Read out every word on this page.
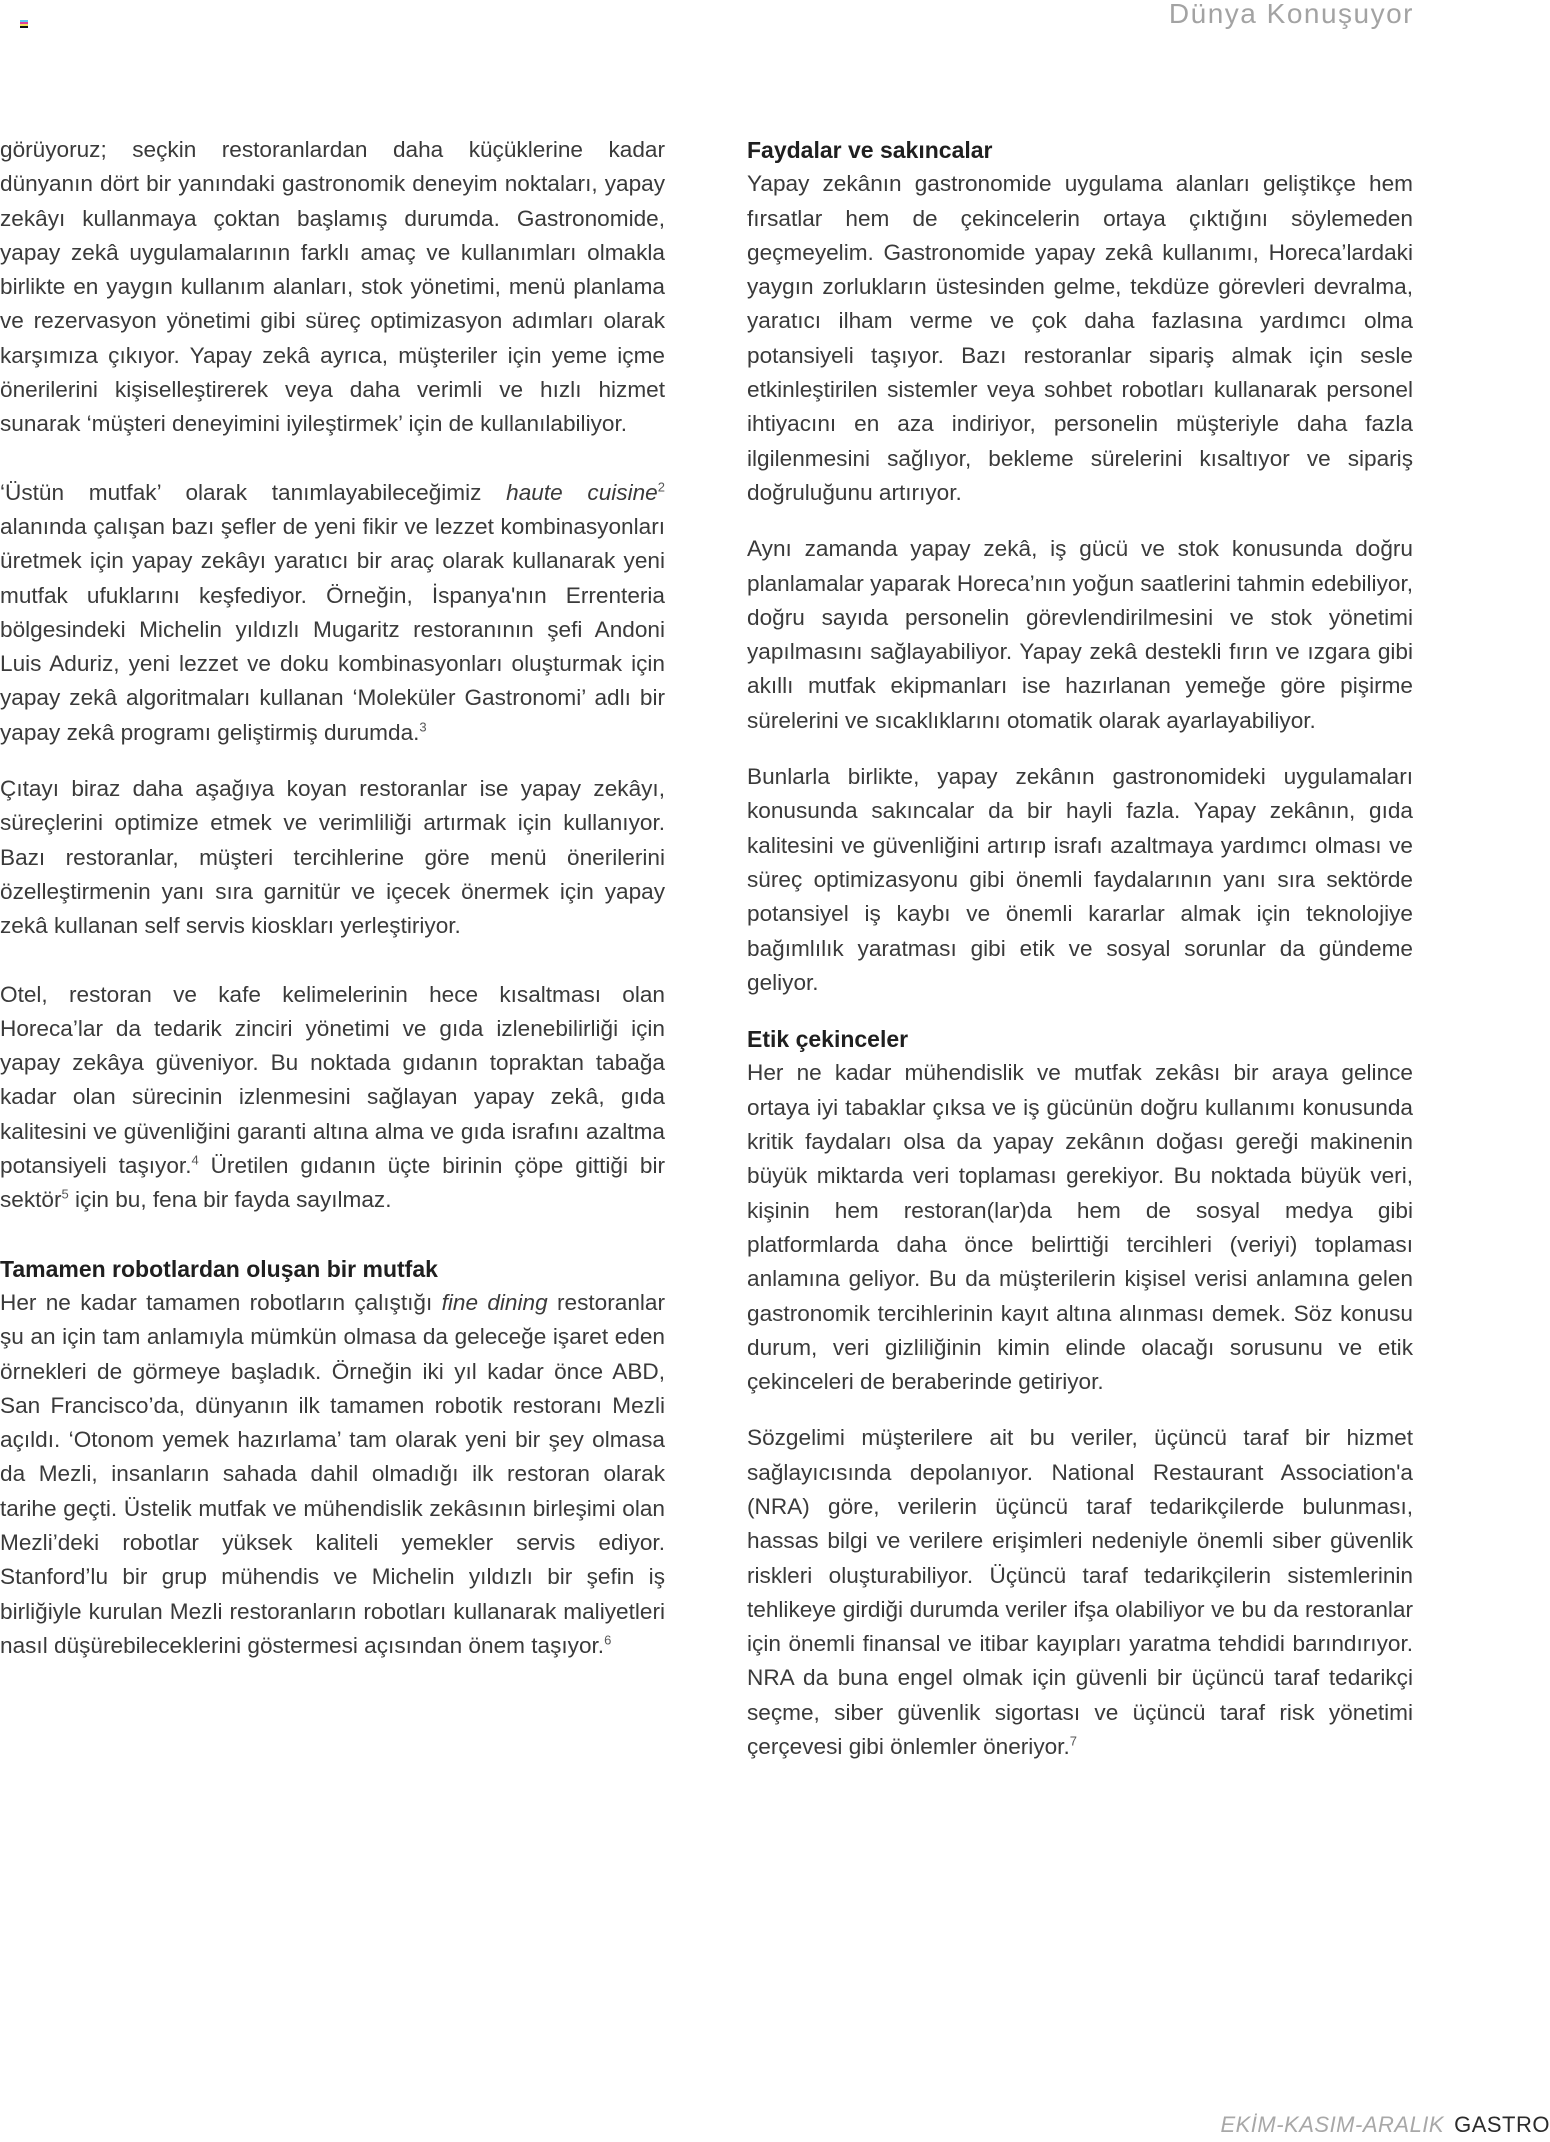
Dünya Konuşuyor

görüyoruz; seçkin restoranlardan daha küçüklerine kadar dünyanın dört bir yanındaki gastronomik deneyim noktaları, yapay zekâyı kullanmaya çoktan başlamış durumda. Gastronomide, yapay zekâ uygulamalarının farklı amaç ve kullanımları olmakla birlikte en yaygın kullanım alanları, stok yönetimi, menü planlama ve rezervasyon yönetimi gibi süreç optimizasyon adımları olarak karşımıza çıkıyor. Yapay zekâ ayrıca, müşteriler için yeme içme önerilerini kişiselleştirerek veya daha verimli ve hızlı hizmet sunarak ‘müşteri deneyimini iyileştirmek’ için de kullanılabiliyor.

‘Üstün mutfak’ olarak tanımlayabileceğimiz haute cuisine$^2$ alanında çalışan bazı şefler de yeni fikir ve lezzet kombinasyonları üretmek için yapay zekâyı yaratıcı bir araç olarak kullanarak yeni mutfak ufuklarını keşfediyor. Örneğin, İspanya'nın Errenteria bölgesindeki Michelin yıldızlı Mugaritz restoranının şefi Andoni Luis Aduriz, yeni lezzet ve doku kombinasyonları oluşturmak için yapay zekâ algoritmaları kullanan ‘Moleküler Gastronomi’ adlı bir yapay zekâ programı geliştirmiş durumda.$^3$

Çıtayı biraz daha aşağıya koyan restoranlar ise yapay zekâyı, süreçlerini optimize etmek ve verimliliği artırmak için kullanıyor. Bazı restoranlar, müşteri tercihlerine göre menü önerilerini özelleştirmenin yanı sıra garnitür ve içecek önermek için yapay zekâ kullanan self servis kioskları yerleştiriyor.

Otel, restoran ve kafe kelimelerinin hece kısaltması olan Horeca’lar da tedarik zinciri yönetimi ve gıda izlenebilirliği için yapay zekâya güveniyor. Bu noktada gıdanın topraktan tabağa kadar olan sürecinin izlenmesini sağlayan yapay zekâ, gıda kalitesini ve güvenliğini garanti altına alma ve gıda israfını azaltma potansiyeli taşıyor.$^4$ Üretilen gıdanın üçte birinin çöpe gittiği bir sektör$^5$ için bu, fena bir fayda sayılmaz.

Tamamen robotlardan oluşan bir mutfak

Her ne kadar tamamen robotların çalıştığı fine dining restoranlar şu an için tam anlamıyla mümkün olmasa da geleceğe işaret eden örnekleri de görmeye başladık. Örneğin iki yıl kadar önce ABD, San Francisco’da, dünyanın ilk tamamen robotik restoranı Mezli açıldı. ‘Otonom yemek hazırlama’ tam olarak yeni bir şey olmasa da Mezli, insanların sahada dahil olmadığı ilk restoran olarak tarihe geçti. Üstelik mutfak ve mühendislik zekâsının birleşimi olan Mezli’deki robotlar yüksek kaliteli yemekler servis ediyor. Stanford’lu bir grup mühendis ve Michelin yıldızlı bir şefin iş birliğiyle kurulan Mezli restoranların robotları kullanarak maliyetleri nasıl düşürebileceklerini göstermesi açısından önem taşıyor.$^6$

Faydalar ve sakıncalar

Yapay zekânın gastronomide uygulama alanları geliştikçe hem fırsatlar hem de çekincelerin ortaya çıktığını söylemeden geçmeyelim. Gastronomide yapay zekâ kullanımı, Horeca’lardaki yaygın zorlukların üstesinden gelme, tekdüze görevleri devralma, yaratıcı ilham verme ve çok daha fazlasına yardımcı olma potansiyeli taşıyor. Bazı restoranlar sipariş almak için sesle etkinleştirilen sistemler veya sohbet robotları kullanarak personel ihtiyacını en aza indiriyor, personelin müşteriyle daha fazla ilgilenmesini sağlıyor, bekleme sürelerini kısaltıyor ve sipariş doğruluğunu artırıyor.

Aynı zamanda yapay zekâ, iş gücü ve stok konusunda doğru planlamalar yaparak Horeca’nın yoğun saatlerini tahmin edebiliyor, doğru sayıda personelin görevlendirilmesini ve stok yönetimi yapılmasını sağlayabiliyor. Yapay zekâ destekli fırın ve ızgara gibi akıllı mutfak ekipmanları ise hazırlanan yemeğe göre pişirme sürelerini ve sıcaklıklarını otomatik olarak ayarlayabiliyor.

Bunlarla birlikte, yapay zekânın gastronomideki uygulamaları konusunda sakıncalar da bir hayli fazla. Yapay zekânın, gıda kalitesini ve güvenliğini artırıp israfı azaltmaya yardımcı olması ve süreç optimizasyonu gibi önemli faydalarının yanı sıra sektörde potansiyel iş kaybı ve önemli kararlar almak için teknolojiye bağımlılık yaratması gibi etik ve sosyal sorunlar da gündeme geliyor.

Etik çekinceler

Her ne kadar mühendislik ve mutfak zekâsı bir araya gelince ortaya iyi tabaklar çıksa ve iş gücünün doğru kullanımı konusunda kritik faydaları olsa da yapay zekânın doğası gereği makinenin büyük miktarda veri toplaması gerekiyor. Bu noktada büyük veri, kişinin hem restoran(lar)da hem de sosyal medya gibi platformlarda daha önce belirttiği tercihleri (veriyi) toplaması anlamına geliyor. Bu da müşterilerin kişisel verisi anlamına gelen gastronomik tercihlerinin kayıt altına alınması demek. Söz konusu durum, veri gizliliğinin kimin elinde olacağı sorusunu ve etik çekinceleri de beraberinde getiriyor.

Sözgelimi müşterilere ait bu veriler, üçüncü taraf bir hizmet sağlayıcısında depolanıyor. National Restaurant Association'a (NRA) göre, verilerin üçüncü taraf tedarikçilerde bulunması, hassas bilgi ve verilere erişimleri nedeniyle önemli siber güvenlik riskleri oluşturabiliyor. Üçüncü taraf tedarikçilerin sistemlerinin tehlikeye girdiği durumda veriler ifşa olabiliyor ve bu da restoranlar için önemli finansal ve itibar kayıpları yaratma tehdidi barındırıyor. NRA da buna engel olmak için güvenli bir üçüncü taraf tedarikçi seçme, siber güvenlik sigortası ve üçüncü taraf risk yönetimi çerçevesi gibi önlemler öneriyor.$^7$

EKİM-KASIM-ARALIK GASTRO
